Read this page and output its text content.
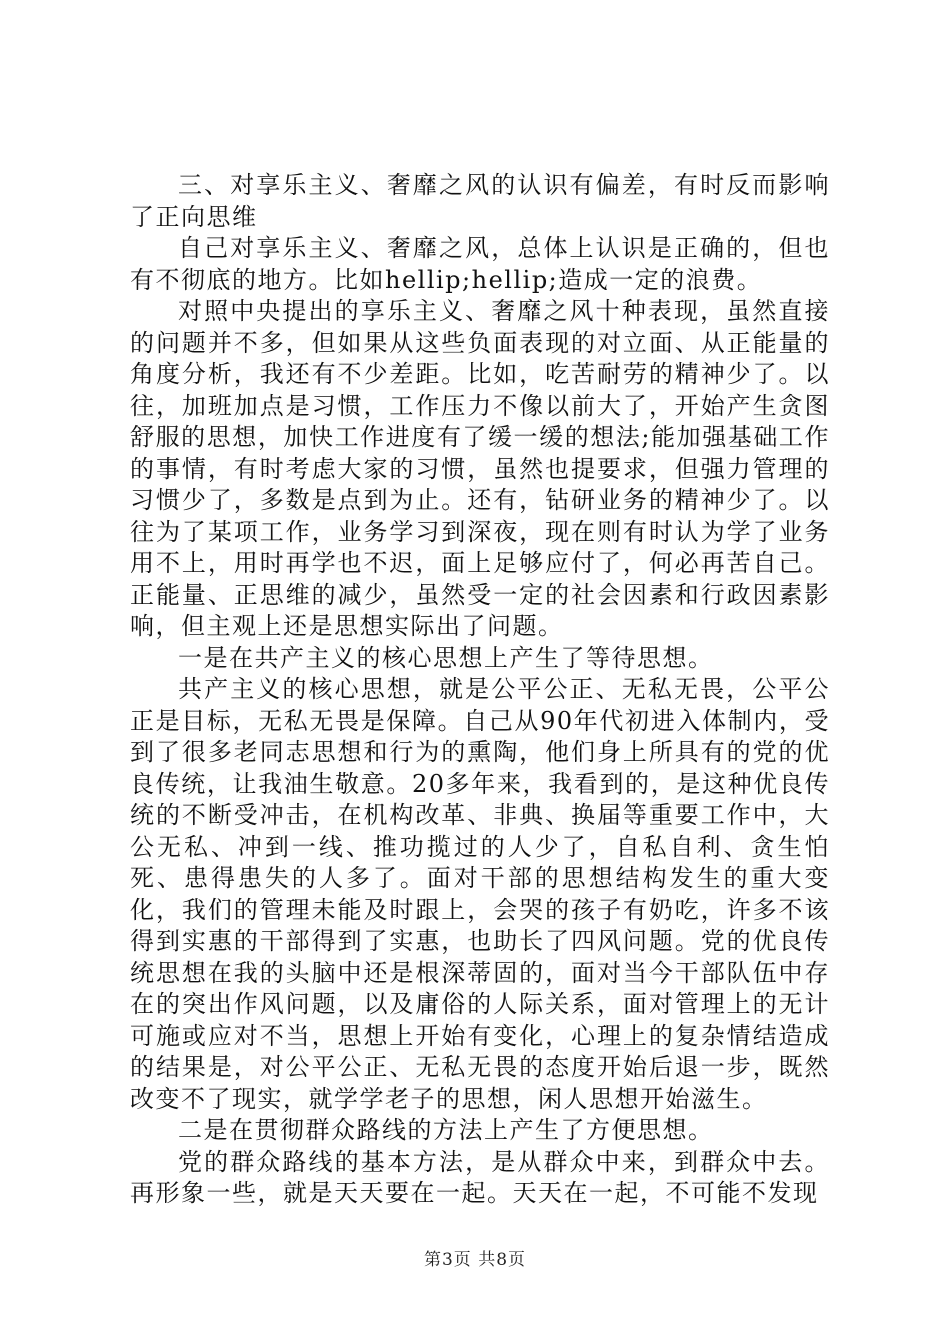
三、对享乐主义、奢靡之风的认识有偏差，有时反而影响了正向思维

自己对享乐主义、奢靡之风，总体上认识是正确的，但也有不彻底的地方。比如hellip;hellip;造成一定的浪费。

对照中央提出的享乐主义、奢靡之风十种表现，虽然直接的问题并不多，但如果从这些负面表现的对立面、从正能量的角度分析，我还有不少差距。比如，吃苦耐劳的精神少了。以往，加班加点是习惯，工作压力不像以前大了，开始产生贪图舒服的思想，加快工作进度有了缓一缓的想法;能加强基础工作的事情，有时考虑大家的习惯，虽然也提要求，但强力管理的习惯少了，多数是点到为止。还有，钻研业务的精神少了。以往为了某项工作，业务学习到深夜，现在则有时认为学了业务用不上，用时再学也不迟，面上足够应付了，何必再苦自己。正能量、正思维的减少，虽然受一定的社会因素和行政因素影响，但主观上还是思想实际出了问题。

一是在共产主义的核心思想上产生了等待思想。

共产主义的核心思想，就是公平公正、无私无畏，公平公正是目标，无私无畏是保障。自己从90年代初进入体制内，受到了很多老同志思想和行为的熏陶，他们身上所具有的党的优良传统，让我油生敬意。20多年来，我看到的，是这种优良传统的不断受冲击，在机构改革、非典、换届等重要工作中，大公无私、冲到一线、推功揽过的人少了，自私自利、贪生怕死、患得患失的人多了。面对干部的思想结构发生的重大变化，我们的管理未能及时跟上，会哭的孩子有奶吃，许多不该得到实惠的干部得到了实惠，也助长了四风问题。党的优良传统思想在我的头脑中还是根深蒂固的，面对当今干部队伍中存在的突出作风问题，以及庸俗的人际关系，面对管理上的无计可施或应对不当，思想上开始有变化，心理上的复杂情结造成的结果是，对公平公正、无私无畏的态度开始后退一步，既然改变不了现实，就学学老子的思想，闲人思想开始滋生。

二是在贯彻群众路线的方法上产生了方便思想。

党的群众路线的基本方法，是从群众中来，到群众中去。再形象一些，就是天天要在一起。天天在一起，不可能不发现

第3页 共8页
